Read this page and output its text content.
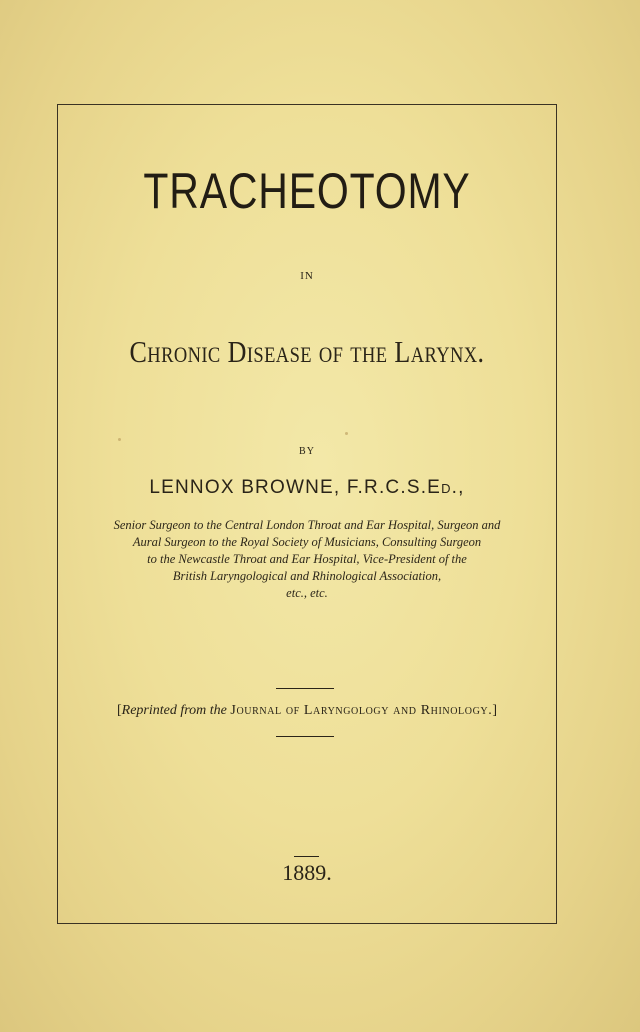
TRACHEOTOMY
IN
Chronic Disease of the Larynx.
BY
LENNOX BROWNE, F.R.C.S.Ed.,
Senior Surgeon to the Central London Throat and Ear Hospital, Surgeon and
Aural Surgeon to the Royal Society of Musicians, Consulting Surgeon
to the Newcastle Throat and Ear Hospital, Vice-President of the
British Laryngological and Rhinological Association,
etc., etc.
[Reprinted from the Journal of Laryngology and Rhinology.]
1889.
